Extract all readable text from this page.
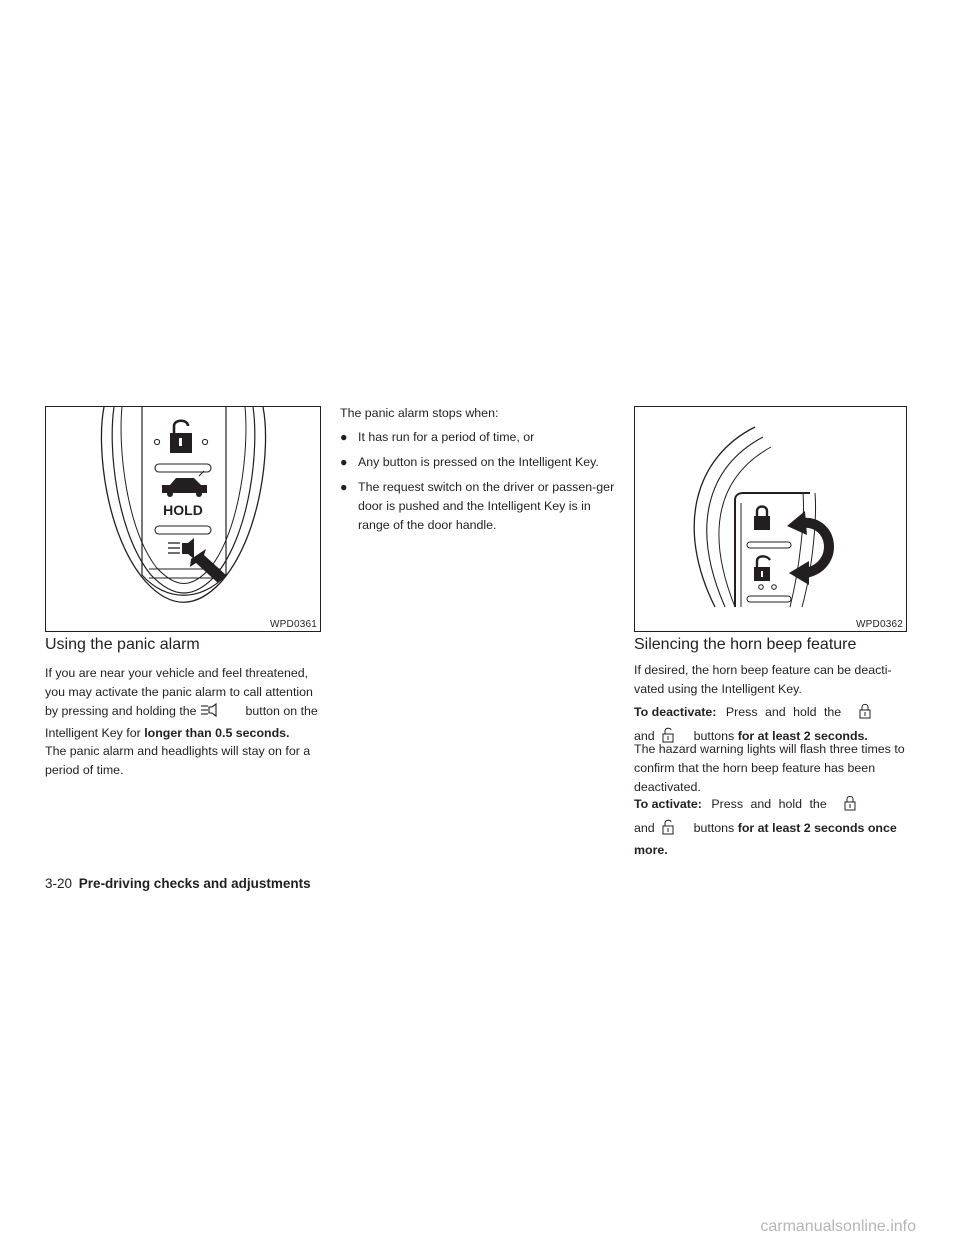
HOLD
WPD0361
Using the panic alarm
If you are near your vehicle and feel threatened,
you may activate the panic alarm to call attention
by pressing and holding the	button on the
Intelligent Key for longer than 0.5 seconds.

The panic alarm and headlights will stay on for a period of time.

The panic alarm stops when:

● It has run for a period of time, or
● Any button is pressed on the Intelligent Key.
● The request switch on the driver or passen-ger door is pushed and the Intelligent Key is in range of the door handle.
WPD0362
Silencing the horn beep feature

If desired, the horn beep feature can be deacti-vated using the Intelligent Key.

To deactivate: Press and hold the
and	buttons for at least 2 seconds.

The hazard warning lights will flash three times to confirm that the horn beep feature has been deactivated.

To activate: Press and hold the
and	buttons for at least 2 seconds once more.
3-20 Pre-driving checks and adjustments
carmanualsonline.info
